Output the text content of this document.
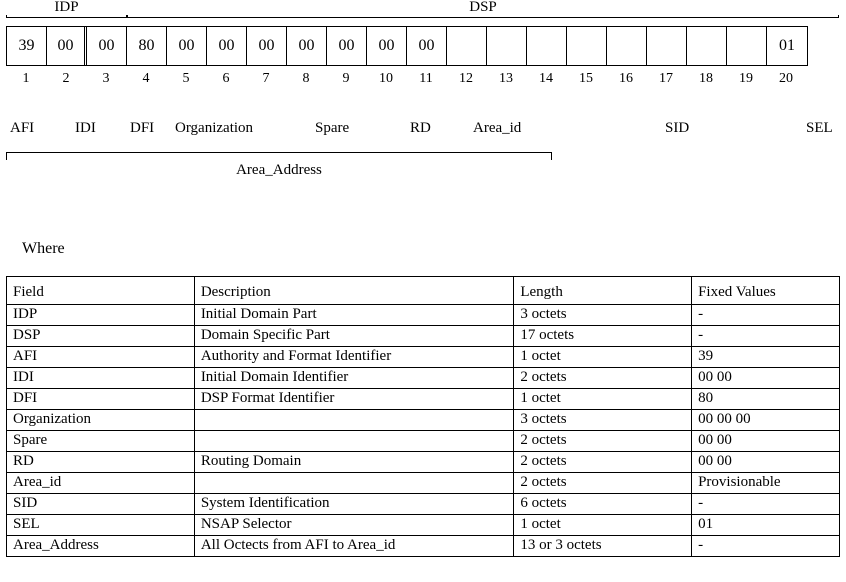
IDP	DSP
39	00	00	80	00	00	00	00	00	00	00	01
1	2	3	4	5	6	7	8	9	10	11	12	13	14	15	16	17	18	19	20
AFI	IDI DFI Organization	Spare	RD	Area_id	SID	SEL
Area_Address
Where
Field	Description	Length	Fixed Values
IDP	Initial Domain Part	3 octets	-
DSP	Domain Specific Part	17 octets	-
AFI	Authority and Format Identifier	1 octet	39
IDI	Initial Domain Identifier	2 octets	00 00
DFI	DSP Format Identifier	1 octet	80
Organization		3 octets	00 00 00
Spare		2 octets	00 00
RD	Routing Domain	2 octets	00 00
Area_id		2 octets	Provisionable
SID	System Identification	6 octets	-
SEL	NSAP Selector	1 octet	01
Area_Address	All Octects from AFI to Area_id	13 or 3 octets	-
